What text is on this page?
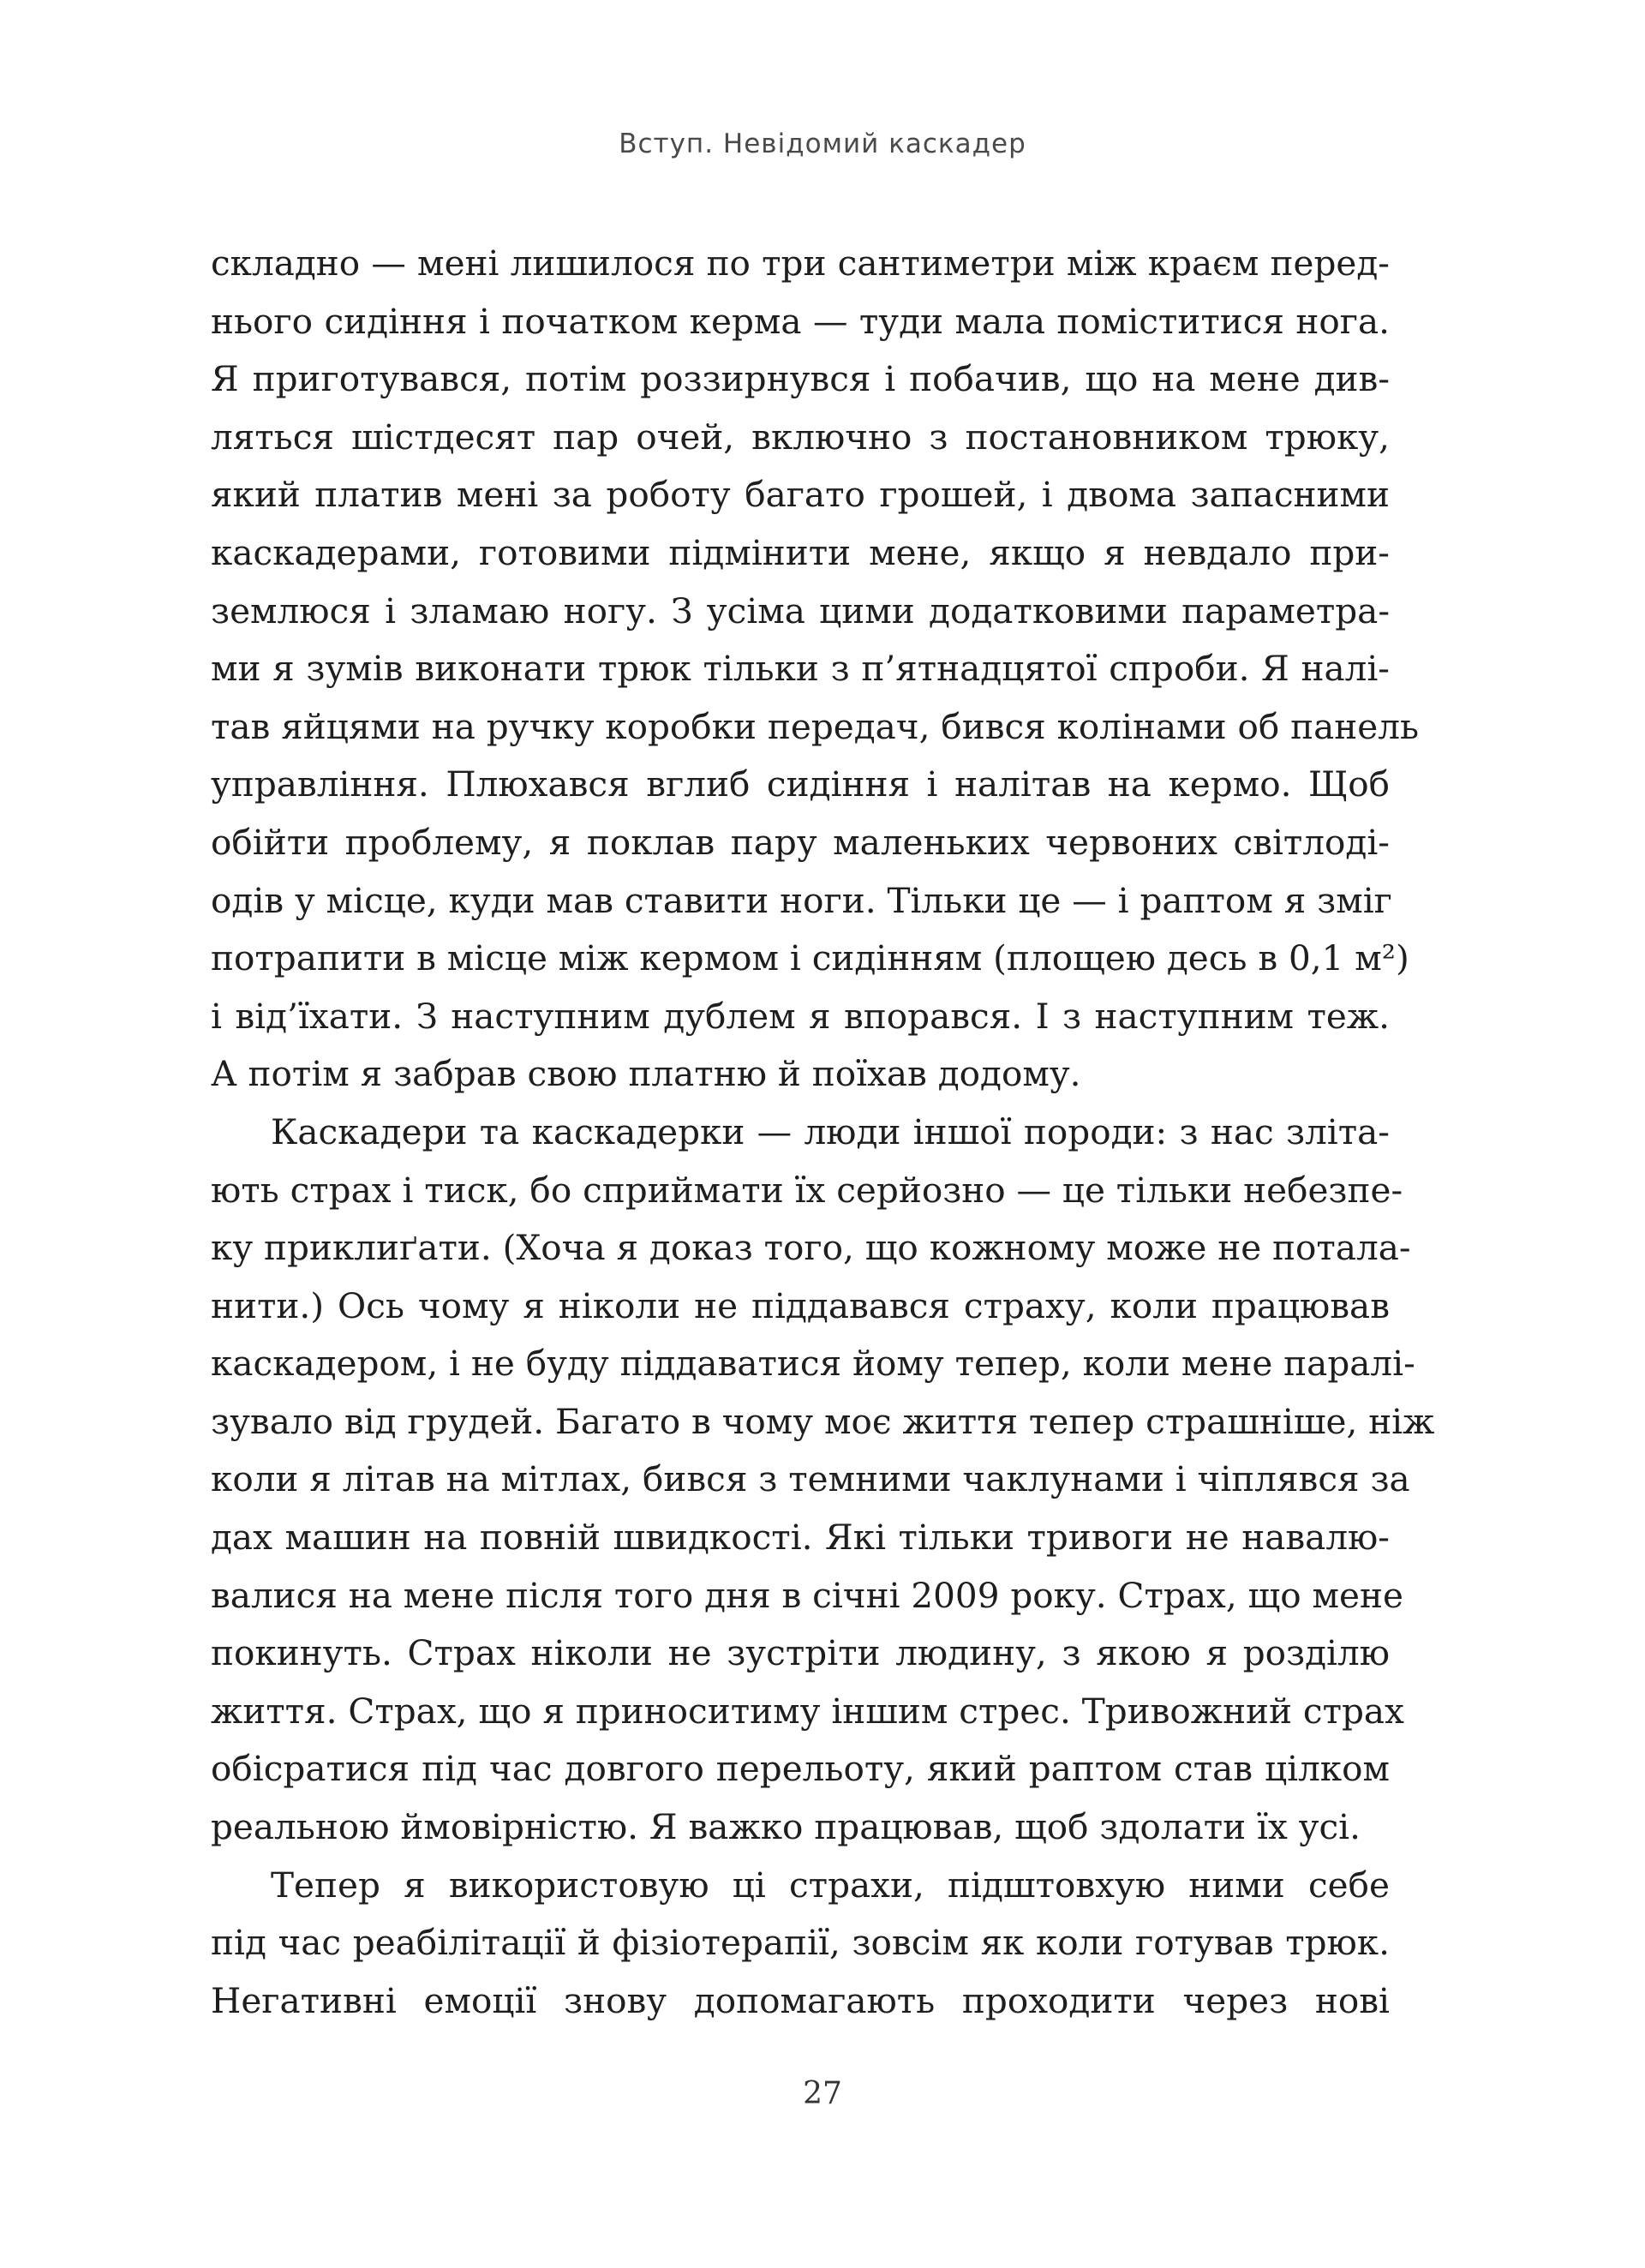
Вступ. Невідомий каскадер

складно — мені лишилося по три сантиметри між краєм перед-
нього сидіння і початком керма — туди мала поміститися нога.
Я приготувався, потім роззирнувся і побачив, що на мене див-
ляться шістдесят пар очей, включно з постановником трюку,
який платив мені за роботу багато грошей, і двома запасними
каскадерами, готовими підмінити мене, якщо я невдало при-
землюся і зламаю ногу. З усіма цими додатковими параметра-
ми я зумів виконати трюк тільки з п’ятнадцятої спроби. Я налі-
тав яйцями на ручку коробки передач, бився колінами об панель
управління. Плюхався вглиб сидіння і налітав на кермо. Щоб
обійти проблему, я поклав пару маленьких червоних світлоді-
одів у місце, куди мав ставити ноги. Тільки це — і раптом я зміг
потрапити в місце між кермом і сидінням (площею десь в 0,1 м²)
і від’їхати. З наступним дублем я впорався. І з наступним теж.
А потім я забрав свою платню й поїхав додому.

Каскадери та каскадерки — люди іншої породи: з нас зліта-
ють страх і тиск, бо сприймати їх серйозно — це тільки небезпе-
ку приклиґати. (Хоча я доказ того, що кожному може не потала-
нити.) Ось чому я ніколи не піддавався страху, коли працював
каскадером, і не буду піддаватися йому тепер, коли мене паралі-
зувало від грудей. Багато в чому моє життя тепер страшніше, ніж
коли я літав на мітлах, бився з темними чаклунами і чіплявся за
дах машин на повній швидкості. Які тільки тривоги не навалю-
валися на мене після того дня в січні 2009 року. Страх, що мене
покинуть. Страх ніколи не зустріти людину, з якою я розділю
життя. Страх, що я приноситиму іншим стрес. Тривожний страх
обісратися під час довгого перельоту, який раптом став цілком
реальною ймовірністю. Я важко працював, щоб здолати їх усі.

Тепер я використовую ці страхи, підштовхую ними себе
під час реабілітації й фізіотерапії, зовсім як коли готував трюк.
Негативні емоції знову допомагають проходити через нові

27
